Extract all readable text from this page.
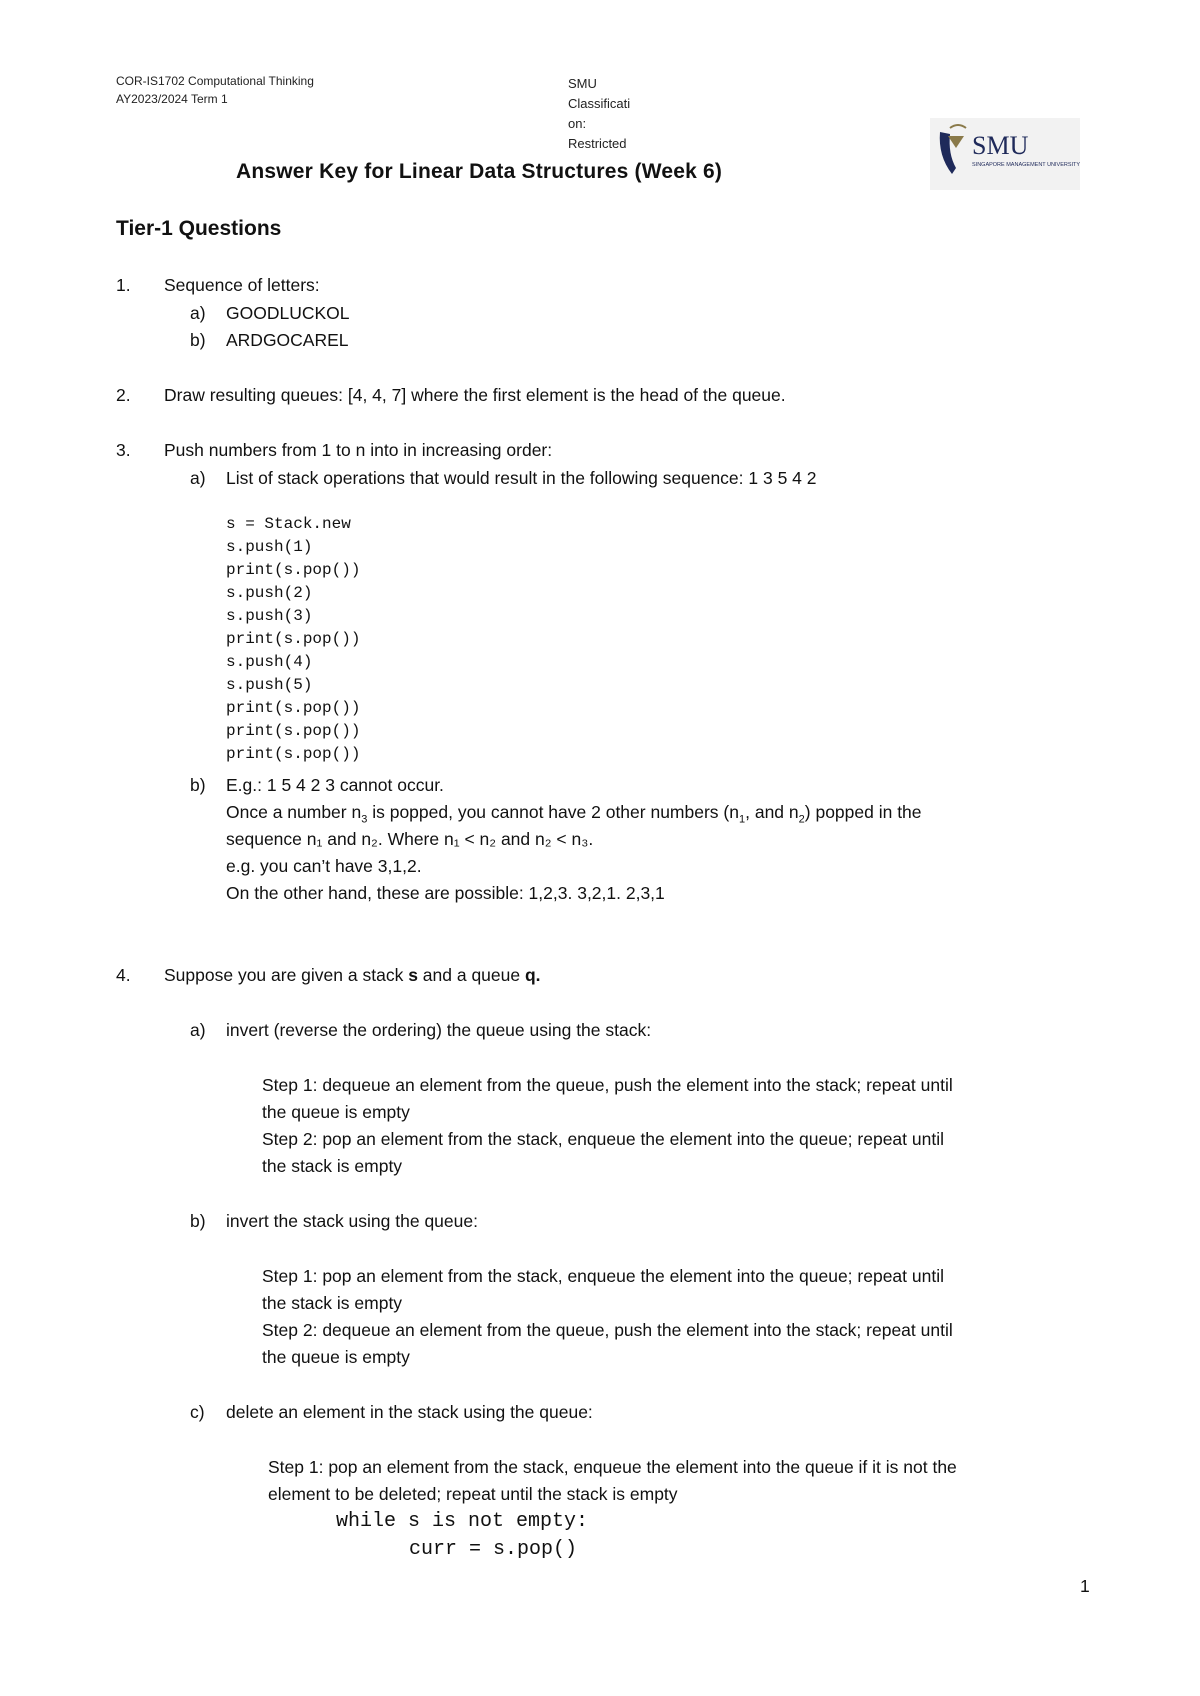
COR-IS1702 Computational Thinking
AY2023/2024 Term 1
SMU
Classificati
on:
Restricted	SMU
SINGAPORE MANAGEMENT UNIVERSITY
Answer Key for Linear Data Structures (Week 6)
Tier-1 Questions
1.	Sequence of letters:
a) GOODLUCKOL
b) ARDGOCAREL
2.	Draw resulting queues: [4, 4, 7] where the first element is the head of the queue.
3.	Push numbers from 1 to n into in increasing order:
a) List of stack operations that would result in the following sequence: 1 3 5 4 2

s = Stack.new
s.push(1)
print(s.pop())
s.push(2)
s.push(3)
print(s.pop())
s.push(4)
s.push(5)
print(s.pop())
print(s.pop())
print(s.pop())

b) E.g.: 1 5 4 2 3 cannot occur.
Once a number $n_3$ is popped, you cannot have 2 other numbers ($n_1$, and $n_2$) popped in the
sequence n₁ and n₂. Where n₁ < n₂ and n₂ < n₃.
e.g. you can’t have 3,1,2.
On the other hand, these are possible: 1,2,3. 3,2,1. 2,3,1
4.	Suppose you are given a stack s and a queue q.
a) invert (reverse the ordering) the queue using the stack:
Step 1: dequeue an element from the queue, push the element into the stack; repeat until
the queue is empty
Step 2: pop an element from the stack, enqueue the element into the queue; repeat until
the stack is empty
b) invert the stack using the queue:
Step 1: pop an element from the stack, enqueue the element into the queue; repeat until
the stack is empty
Step 2: dequeue an element from the queue, push the element into the stack; repeat until
the queue is empty
c) delete an element in the stack using the queue:
Step 1: pop an element from the stack, enqueue the element into the queue if it is not the
element to be deleted; repeat until the stack is empty
while s is not empty:
curr = s.pop()
1
